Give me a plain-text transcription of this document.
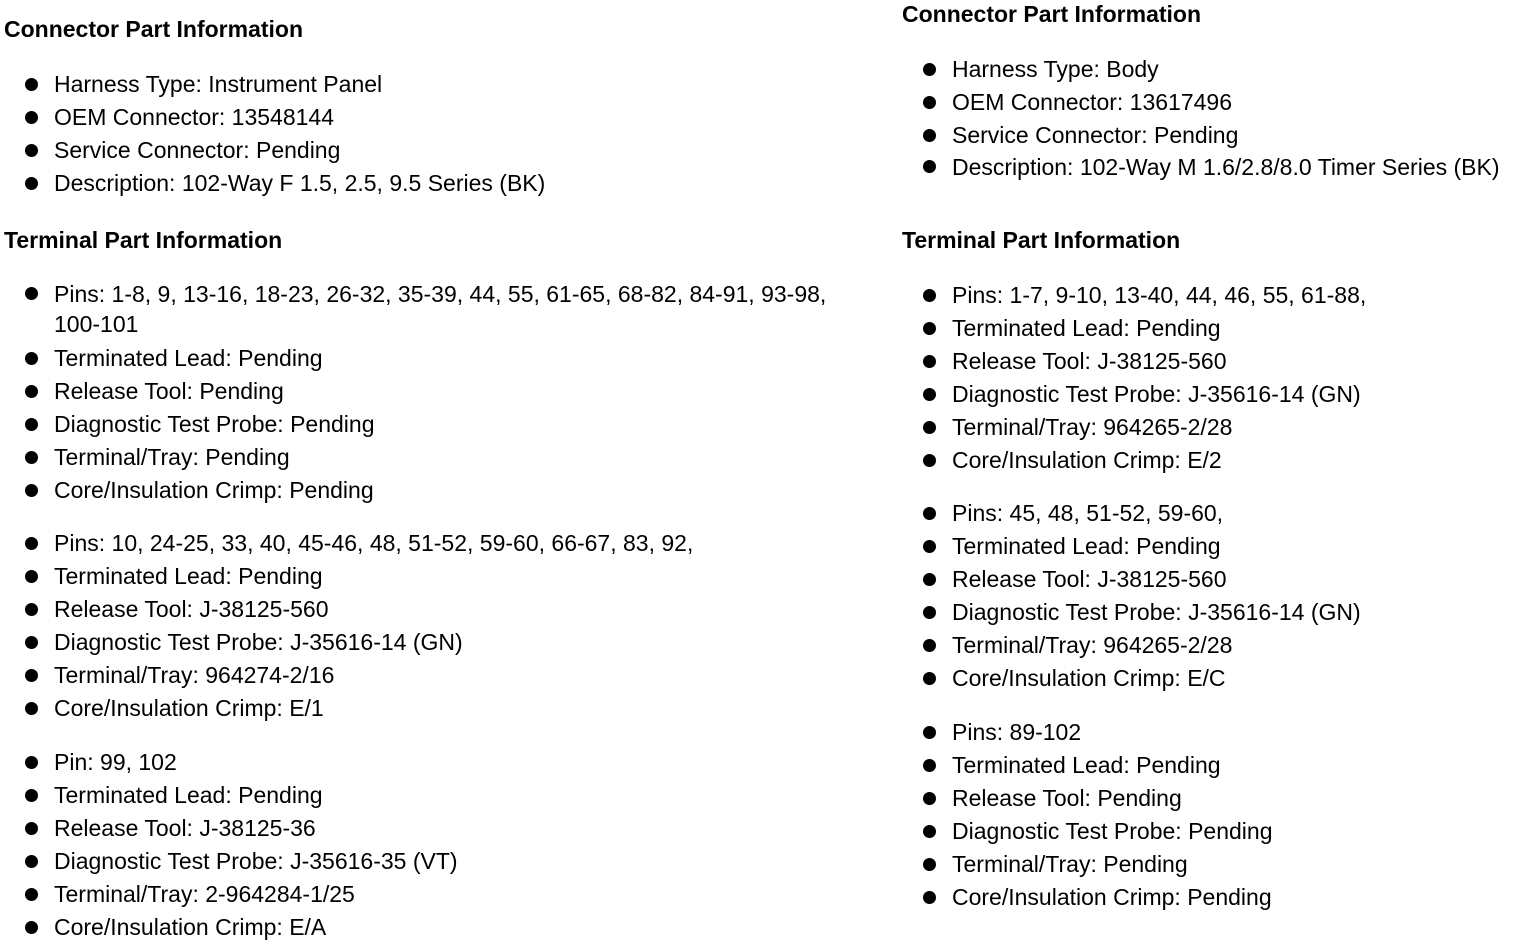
Connector Part Information
Harness Type: Instrument Panel
OEM Connector: 13548144
Service Connector: Pending
Description: 102-Way F 1.5, 2.5, 9.5 Series (BK)
Terminal Part Information
Pins: 1-8, 9, 13-16, 18-23, 26-32, 35-39, 44, 55, 61-65, 68-82, 84-91, 93-98, 100-101
Terminated Lead: Pending
Release Tool: Pending
Diagnostic Test Probe: Pending
Terminal/Tray: Pending
Core/Insulation Crimp: Pending
Pins: 10, 24-25, 33, 40, 45-46, 48, 51-52, 59-60, 66-67, 83, 92,
Terminated Lead: Pending
Release Tool: J-38125-560
Diagnostic Test Probe: J-35616-14 (GN)
Terminal/Tray: 964274-2/16
Core/Insulation Crimp: E/1
Pin: 99, 102
Terminated Lead: Pending
Release Tool: J-38125-36
Diagnostic Test Probe: J-35616-35 (VT)
Terminal/Tray: 2-964284-1/25
Core/Insulation Crimp: E/A
Connector Part Information
Harness Type: Body
OEM Connector: 13617496
Service Connector: Pending
Description: 102-Way M 1.6/2.8/8.0 Timer Series (BK)
Terminal Part Information
Pins: 1-7, 9-10, 13-40, 44, 46, 55, 61-88,
Terminated Lead: Pending
Release Tool: J-38125-560
Diagnostic Test Probe: J-35616-14 (GN)
Terminal/Tray: 964265-2/28
Core/Insulation Crimp: E/2
Pins: 45, 48, 51-52, 59-60,
Terminated Lead: Pending
Release Tool: J-38125-560
Diagnostic Test Probe: J-35616-14 (GN)
Terminal/Tray: 964265-2/28
Core/Insulation Crimp: E/C
Pins: 89-102
Terminated Lead: Pending
Release Tool: Pending
Diagnostic Test Probe: Pending
Terminal/Tray: Pending
Core/Insulation Crimp: Pending
